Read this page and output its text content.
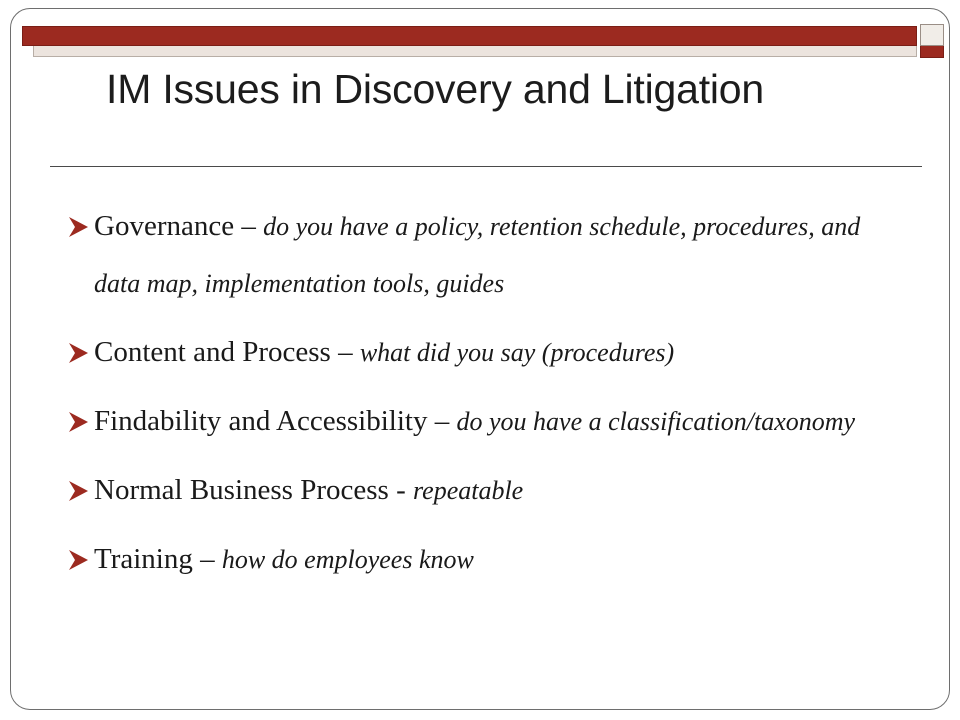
IM Issues in Discovery and Litigation
Governance – do you have a policy, retention schedule, procedures, and data map, implementation tools, guides
Content and Process – what did you say (procedures)
Findability and Accessibility – do you have a classification/taxonomy
Normal Business Process - repeatable
Training – how do employees know
